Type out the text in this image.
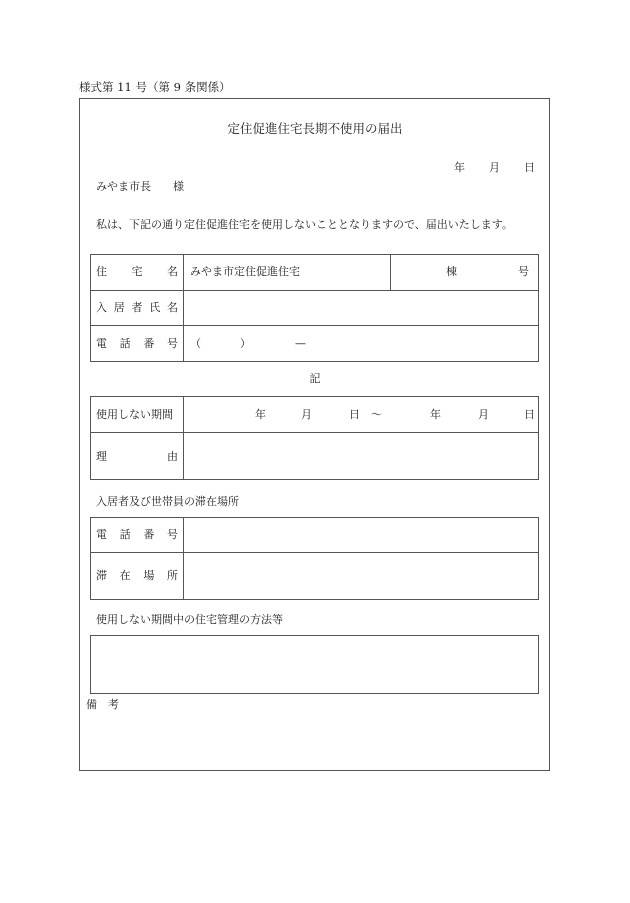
様式第 11 号（第 9 条関係）
定住促進住宅長期不使用の届出
年 月 日
みやま市長　　様
私は、下記の通り定住促進住宅を使用しないこととなりますので、届出いたします。
住 宅 名 みやま市定住促進住宅	棟	号
入 居 者 氏 名
電 話 番 号 （	）	—
記
使用しない期間	年	月	日 ～	年	月	日
理	由
入居者及び世帯員の滞在場所
電 話 番 号
滞 在 場 所
使用しない期間中の住宅管理の方法等
備　考
